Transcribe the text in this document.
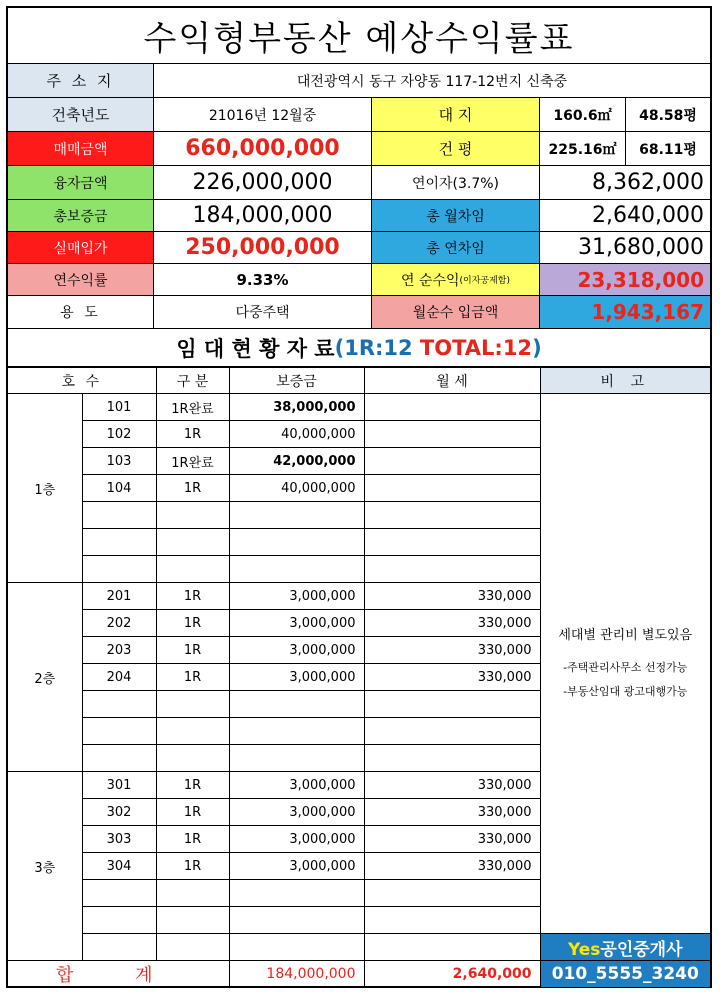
수익형부동산 예상수익률표
주 소 지	대전광역시 동구 자양동 117-12번지 신축중
건축년도	21016년 12월중	대 지	160.6㎡	48.58평
매매금액	660,000,000	건 평	225.16㎡	68.11평
융자금액	226,000,000	연이자(3.7%)	8,362,000
총보증금	184,000,000	총 월차임	2,640,000
실매입가	250,000,000	총 연차임	31,680,000
연수익률	9.33%	연 순수익 (이자공제함)	23,318,000
용 도	다중주택	월순수 입금액	1,943,167
임 대 현 황 자 료 ( 1R:12
TOTAL:12 )
호 수		구 분	보증금	월 세	비 고
1층	101	1R완료	38,000,000		세대별 관리비 별도있음
-주택관리사무소 선정가능
-부동산임대 광고대행가능

	102	1R	40,000,000		
	103	1R완료	42,000,000		
	104	1R	40,000,000		

2층	201	1R	3,000,000	330,000	
	202	1R	3,000,000	330,000	
	203	1R	3,000,000	330,000	
	204	1R	3,000,000	330,000	

3층	301	1R	3,000,000	330,000	
	302	1R	3,000,000	330,000	
	303	1R	3,000,000	330,000	
	304	1R	3,000,000	330,000	

					Yes공인중개사
합 계			184,000,000	2,640,000	010_5555_3240
